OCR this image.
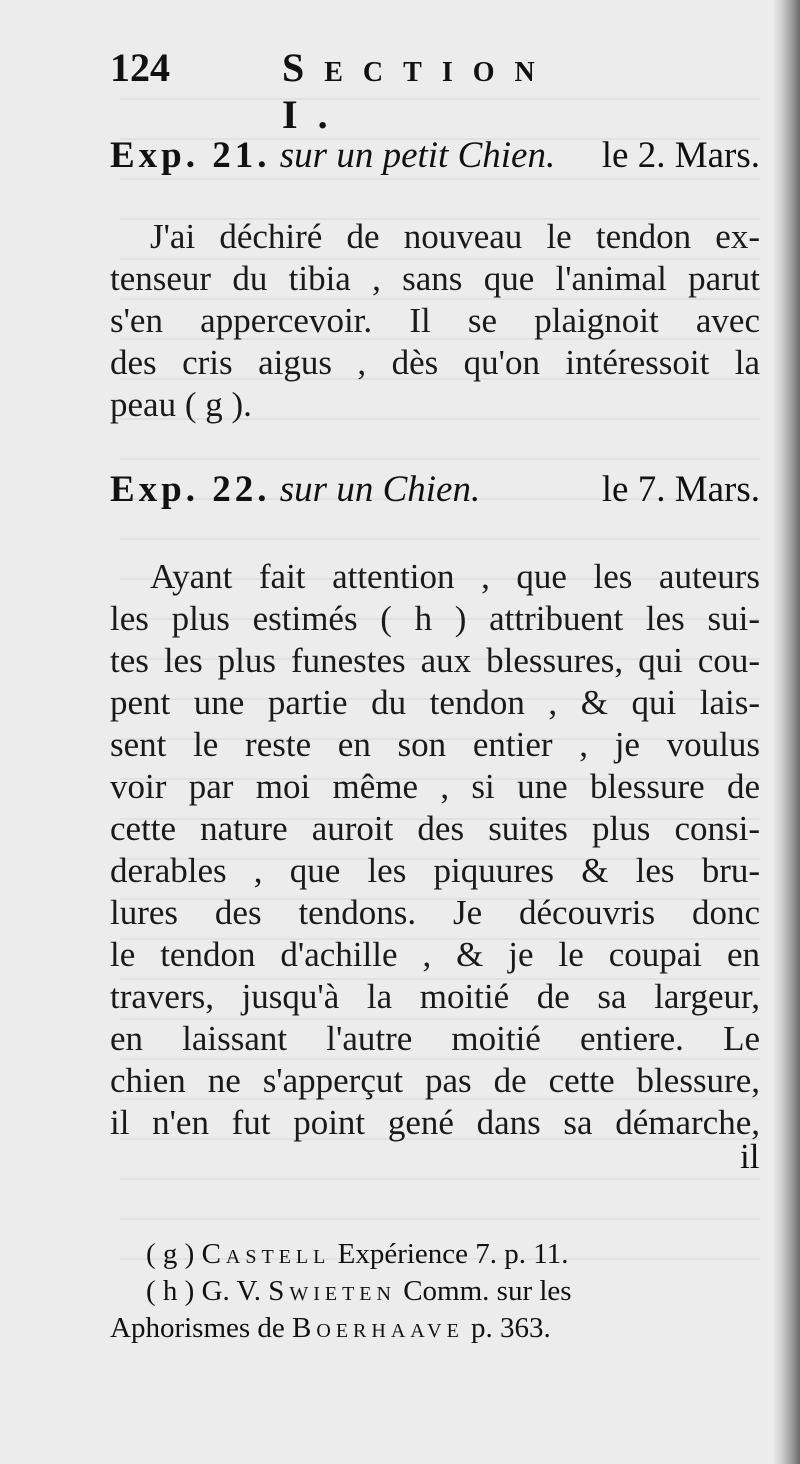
124	Section I.
Exp. 21. sur un petit Chien. le 2. Mars.
J'ai déchiré de nouveau le tendon ex-
tenseur du tibia , sans que l'animal parut
s'en appercevoir. Il se plaignoit avec
des cris aigus , dès qu'on intéressoit la
peau ( g ).
Exp. 22. sur un Chien.	le 7. Mars.
Ayant fait attention , que les auteurs
les plus estimés ( h ) attribuent les sui-
tes les plus funestes aux blessures, qui cou-
pent une partie du tendon , & qui lais-
sent le reste en son entier , je voulus
voir par moi même , si une blessure de
cette nature auroit des suites plus consi-
derables , que les piquures & les bru-
lures des tendons. Je découvris donc
le tendon d'achille , & je le coupai en
travers, jusqu'à la moitié de sa largeur,
en laissant l'autre moitié entiere. Le
chien ne s'apperçut pas de cette blessure,
il n'en fut point gené dans sa démarche,
il
( g ) Castell Expérience 7. p. 11.
( h ) G. V. Swieten Comm. sur les
Aphorismes de Boerhaave p. 363.
